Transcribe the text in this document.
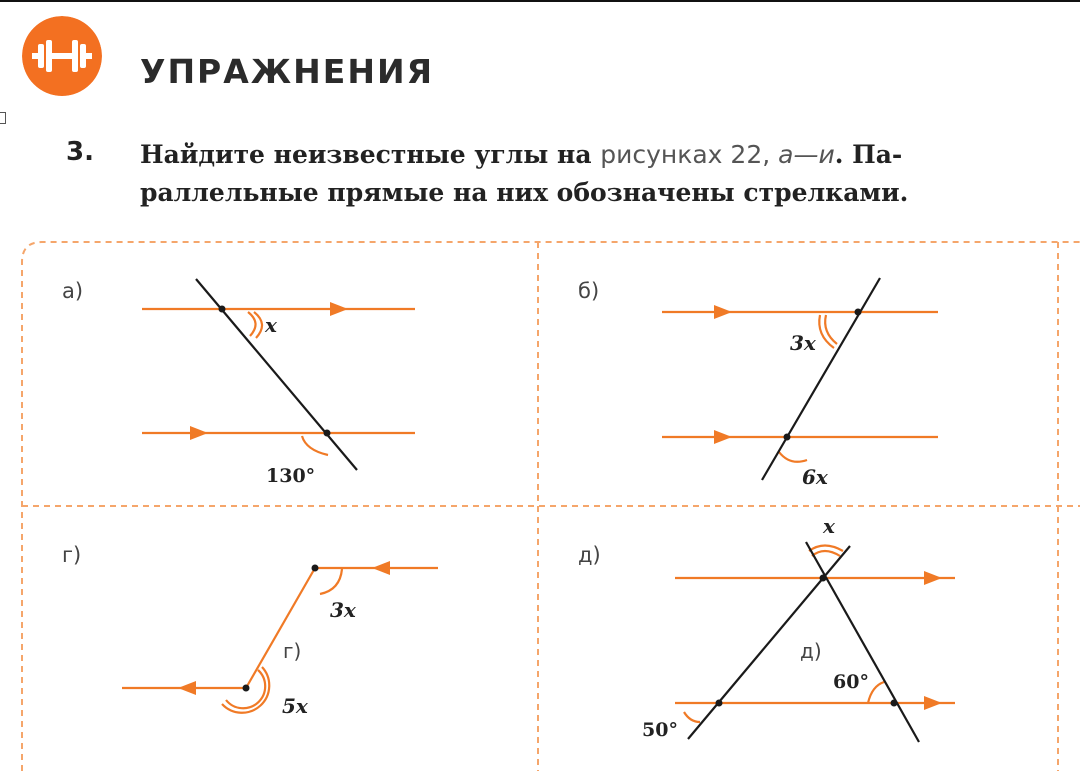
УПРАЖНЕНИЯ
3. Найдите неизвестные углы на рисунках 22, а—и. Па-
раллельные прямые на них обозначены стрелками.

а)
x
130°
б)
3x
6x
г)
3x
г)
5x
д)
x
д)
60°
50°
